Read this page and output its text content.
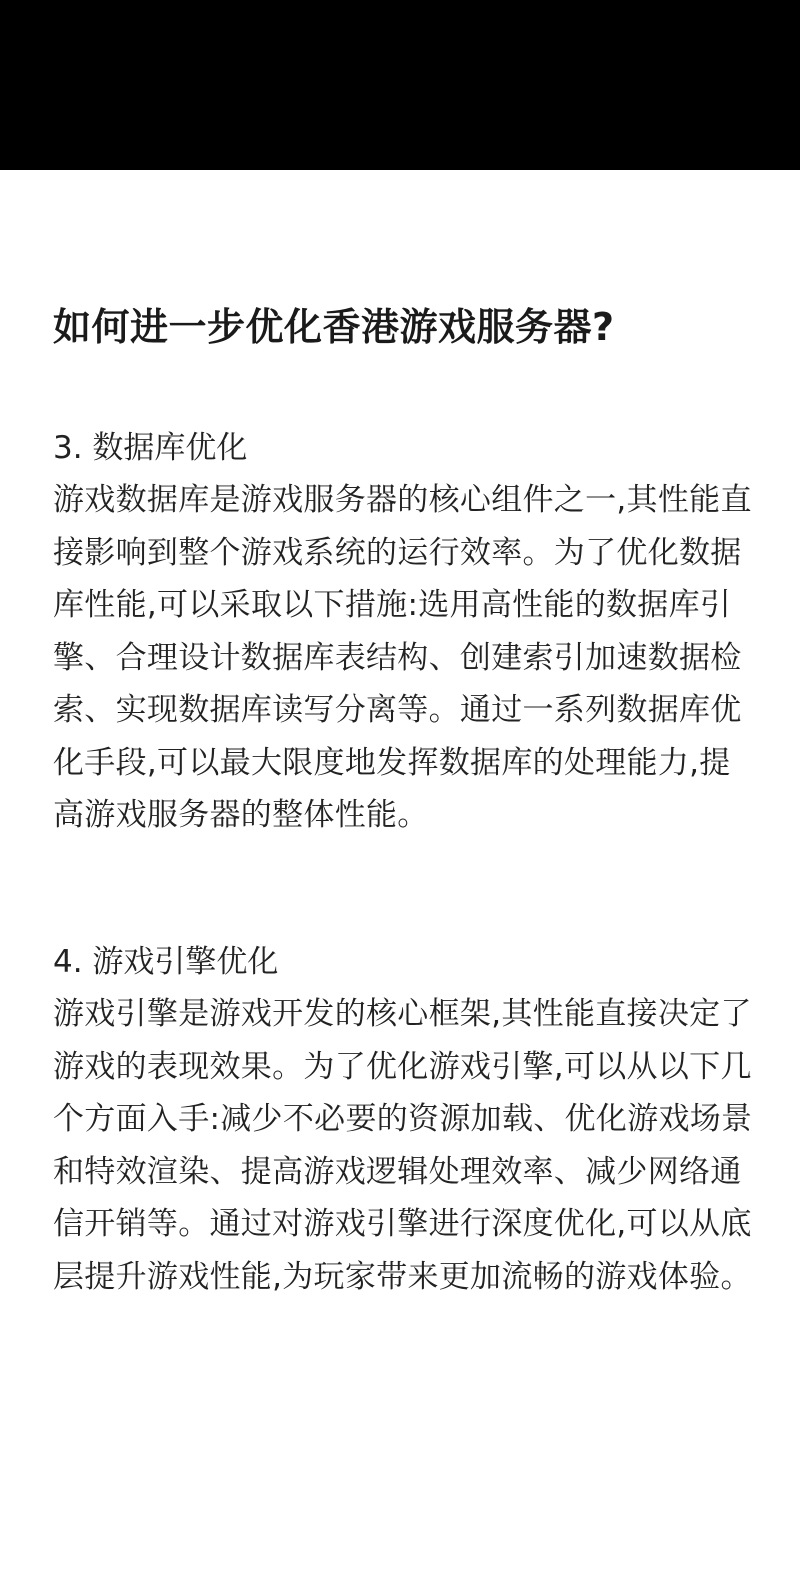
如何进一步优化香港游戏服务器?

3. 数据库优化

游戏数据库是游戏服务器的核心组件之一,其性能直接影响到整个游戏系统的运行效率。为了优化数据库性能,可以采取以下措施:选用高性能的数据库引擎、合理设计数据库表结构、创建索引加速数据检索、实现数据库读写分离等。通过一系列数据库优化手段,可以最大限度地发挥数据库的处理能力,提高游戏服务器的整体性能。

4. 游戏引擎优化

游戏引擎是游戏开发的核心框架,其性能直接决定了游戏的表现效果。为了优化游戏引擎,可以从以下几个方面入手:减少不必要的资源加载、优化游戏场景和特效渲染、提高游戏逻辑处理效率、减少网络通信开销等。通过对游戏引擎进行深度优化,可以从底层提升游戏性能,为玩家带来更加流畅的游戏体验。
